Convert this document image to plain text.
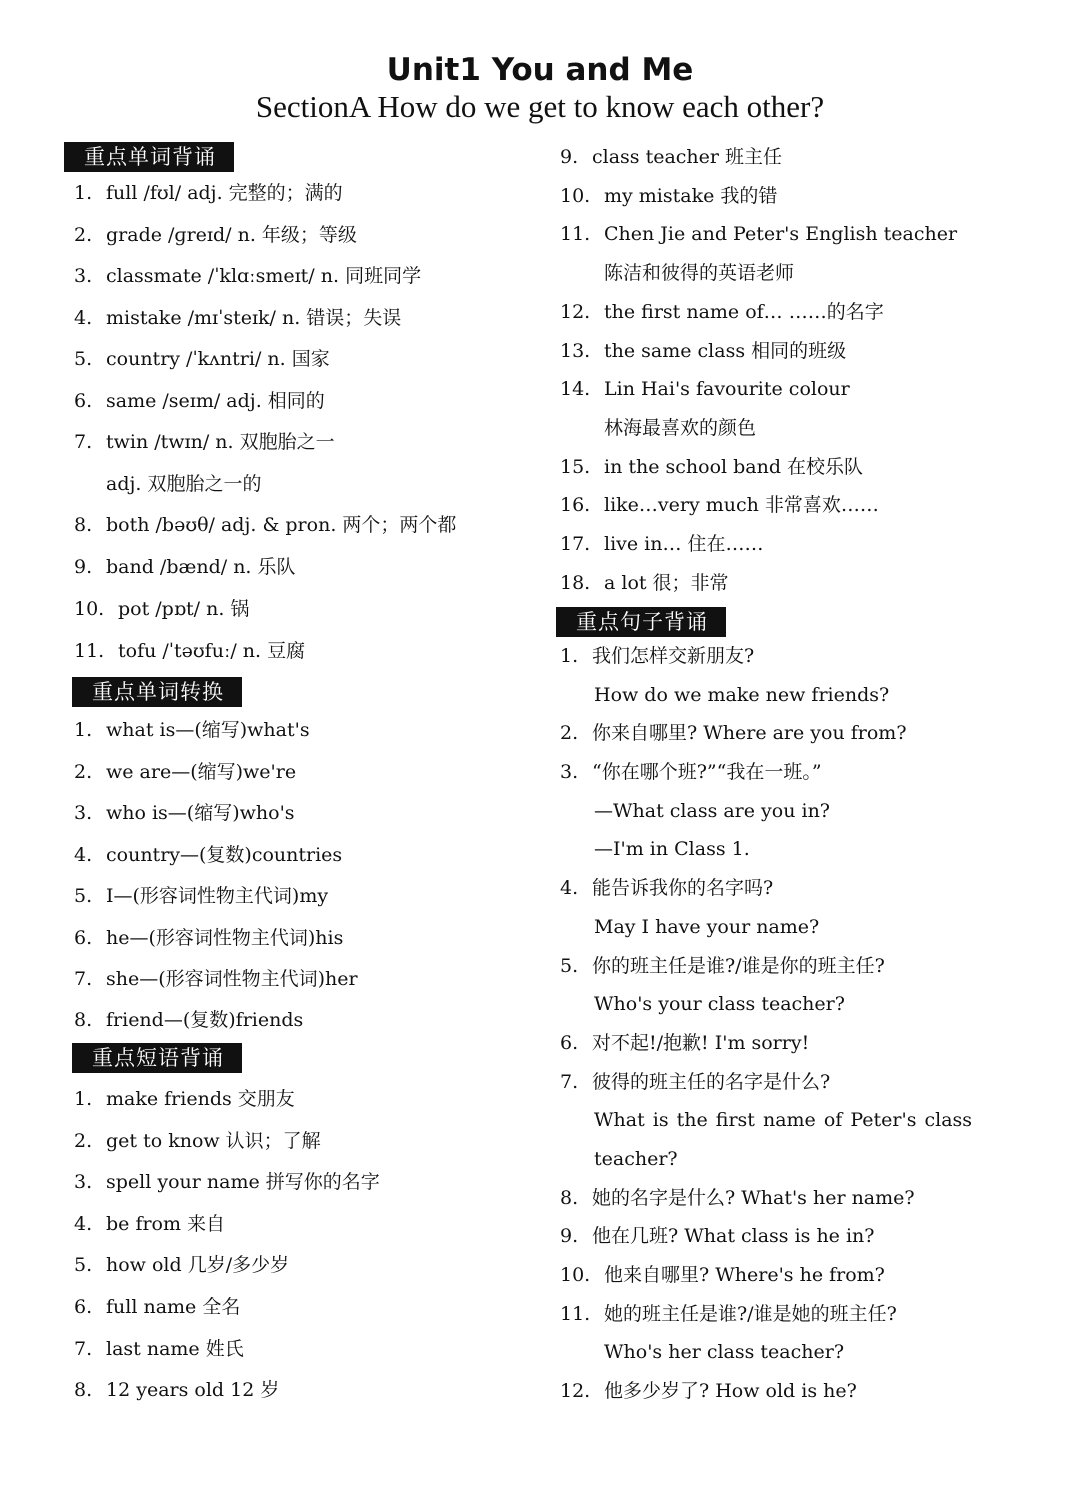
Unit1 You and Me
SectionA How do we get to know each other?
重点单词背诵
1. full /fʊl/ adj. 完整的；满的
2. grade /ɡreɪd/ n. 年级；等级
3. classmate /ˈklɑːsmeɪt/ n. 同班同学
4. mistake /mɪˈsteɪk/ n. 错误；失误
5. country /ˈkʌntri/ n. 国家
6. same /seɪm/ adj. 相同的
7. twin /twɪn/ n. 双胞胎之一
adj. 双胞胎之一的
8. both /bəʊθ/ adj. & pron. 两个；两个都
9. band /bænd/ n. 乐队
10. pot /pɒt/ n. 锅
11. tofu /ˈtəʊfuː/ n. 豆腐
重点单词转换
1. what is—(缩写)what's
2. we are—(缩写)we're
3. who is—(缩写)who's
4. country—(复数)countries
5. I—(形容词性物主代词)my
6. he—(形容词性物主代词)his
7. she—(形容词性物主代词)her
8. friend—(复数)friends
重点短语背诵
1. make friends 交朋友
2. get to know 认识；了解
3. spell your name 拼写你的名字
4. be from 来自
5. how old 几岁/多少岁
6. full name 全名
7. last name 姓氏
8. 12 years old 12 岁
9. class teacher 班主任
10. my mistake 我的错
11. Chen Jie and Peter's English teacher
陈洁和彼得的英语老师
12. the first name of… ……的名字
13. the same class 相同的班级
14. Lin Hai's favourite colour
林海最喜欢的颜色
15. in the school band 在校乐队
16. like…very much 非常喜欢……
17. live in… 住在……
18. a lot 很；非常
重点句子背诵
1. 我们怎样交新朋友?
How do we make new friends?
2. 你来自哪里? Where are you from?
3. “你在哪个班?”“我在一班。”
—What class are you in?
—I'm in Class 1.
4. 能告诉我你的名字吗?
May I have your name?
5. 你的班主任是谁?/谁是你的班主任?
Who's your class teacher?
6. 对不起!/抱歉! I'm sorry!
7. 彼得的班主任的名字是什么?
What is the first name of Peter's class
teacher?
8. 她的名字是什么? What's her name?
9. 他在几班? What class is he in?
10. 他来自哪里? Where's he from?
11. 她的班主任是谁?/谁是她的班主任?
Who's her class teacher?
12. 他多少岁了? How old is he?
